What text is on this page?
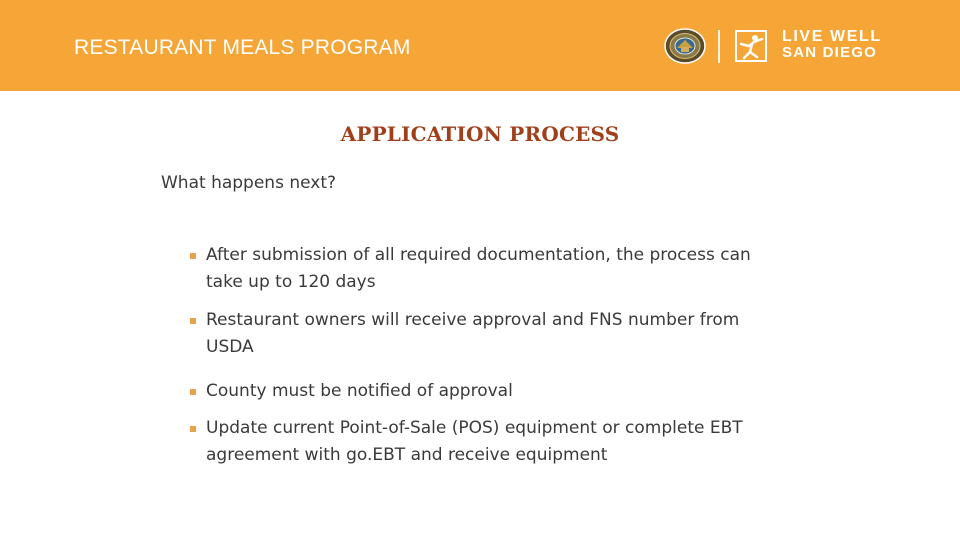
RESTAURANT MEALS PROGRAM	LIVE WELL
SAN DIEGO
APPLICATION PROCESS
What happens next?
After submission of all required documentation, the process can take up to 120 days
Restaurant owners will receive approval and FNS number from USDA
County must be notified of approval
Update current Point-of-Sale (POS) equipment or complete EBT agreement with go.EBT and receive equipment
